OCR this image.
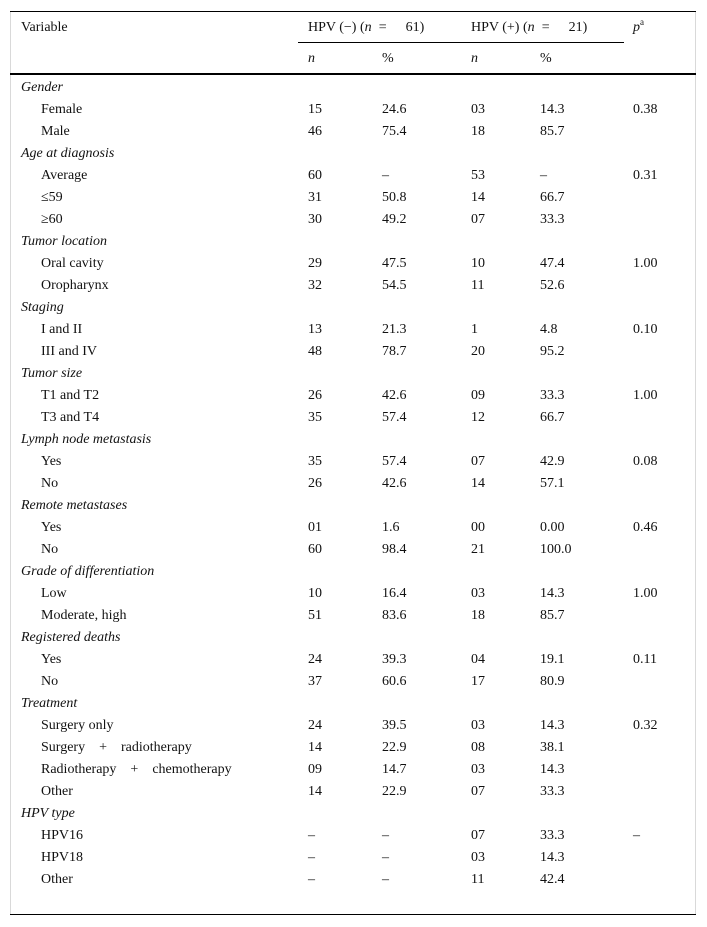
Variable	HPV (−) (n = 61)	HPV (+) (n = 21)	$p^a$
n	%	n	%
Gender
Female	15	24.6	03	14.3	0.38
Male	46	75.4	18	85.7
Age at diagnosis
Average	60	–	53	–	0.31
≤59	31	50.8	14	66.7
≥60	30	49.2	07	33.3
Tumor location
Oral cavity	29	47.5	10	47.4	1.00
Oropharynx	32	54.5	11	52.6
Staging
I and II	13	21.3	1	4.8	0.10
III and IV	48	78.7	20	95.2
Tumor size
T1 and T2	26	42.6	09	33.3	1.00
T3 and T4	35	57.4	12	66.7
Lymph node metastasis
Yes	35	57.4	07	42.9	0.08
No	26	42.6	14	57.1
Remote metastases
Yes	01	1.6	00	0.00	0.46
No	60	98.4	21	100.0
Grade of differentiation
Low	10	16.4	03	14.3	1.00
Moderate, high	51	83.6	18	85.7
Registered deaths
Yes	24	39.3	04	19.1	0.11
No	37	60.6	17	80.9
Treatment
Surgery only	24	39.5	03	14.3	0.32
Surgery  +  radiotherapy	14	22.9	08	38.1
Radiotherapy  +  chemotherapy	09	14.7	03	14.3
Other	14	22.9	07	33.3
HPV type
HPV16	–	–	07	33.3	–
HPV18	–	–	03	14.3
Other	–	–	11	42.4
